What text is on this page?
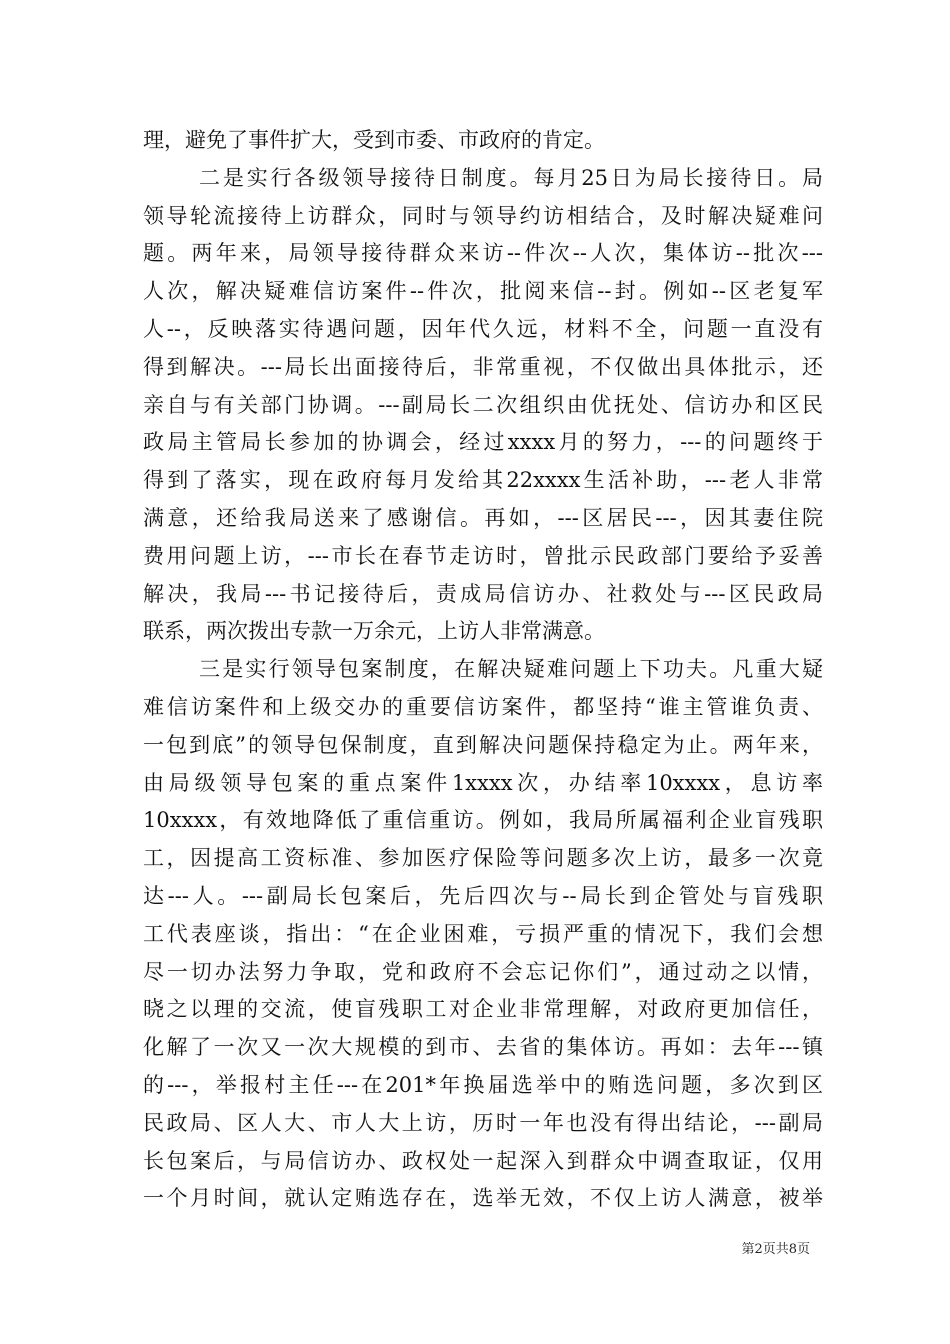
理，避免了事件扩大，受到市委、市政府的肯定。
二是实行各级领导接待日制度。每月25日为局长接待日。局
领导轮流接待上访群众，同时与领导约访相结合，及时解决疑难问
题。两年来，局领导接待群众来访--件次--人次，集体访--批次---
人次，解决疑难信访案件--件次，批阅来信--封。例如--区老复军
人--，反映落实待遇问题，因年代久远，材料不全，问题一直没有
得到解决。---局长出面接待后，非常重视，不仅做出具体批示，还
亲自与有关部门协调。---副局长二次组织由优抚处、信访办和区民
政局主管局长参加的协调会，经过xxxx月的努力，---的问题终于
得到了落实，现在政府每月发给其22xxxx生活补助，---老人非常
满意，还给我局送来了感谢信。再如，---区居民---，因其妻住院
费用问题上访，---市长在春节走访时，曾批示民政部门要给予妥善
解决，我局---书记接待后，责成局信访办、社救处与---区民政局
联系，两次拨出专款一万余元，上访人非常满意。
三是实行领导包案制度，在解决疑难问题上下功夫。凡重大疑
难信访案件和上级交办的重要信访案件，都坚持“谁主管谁负责、
一包到底”的领导包保制度，直到解决问题保持稳定为止。两年来，
由局级领导包案的重点案件1xxxx次，办结率10xxxx，息访率
10xxxx，有效地降低了重信重访。例如，我局所属福利企业盲残职
工，因提高工资标准、参加医疗保险等问题多次上访，最多一次竟
达---人。---副局长包案后，先后四次与--局长到企管处与盲残职
工代表座谈，指出：“在企业困难，亏损严重的情况下，我们会想
尽一切办法努力争取，党和政府不会忘记你们”，通过动之以情，
晓之以理的交流，使盲残职工对企业非常理解，对政府更加信任，
化解了一次又一次大规模的到市、去省的集体访。再如：去年---镇
的---，举报村主任---在201*年换届选举中的贿选问题，多次到区
民政局、区人大、市人大上访，历时一年也没有得出结论，---副局
长包案后，与局信访办、政权处一起深入到群众中调查取证，仅用
一个月时间，就认定贿选存在，选举无效，不仅上访人满意，被举
第2页共8页
